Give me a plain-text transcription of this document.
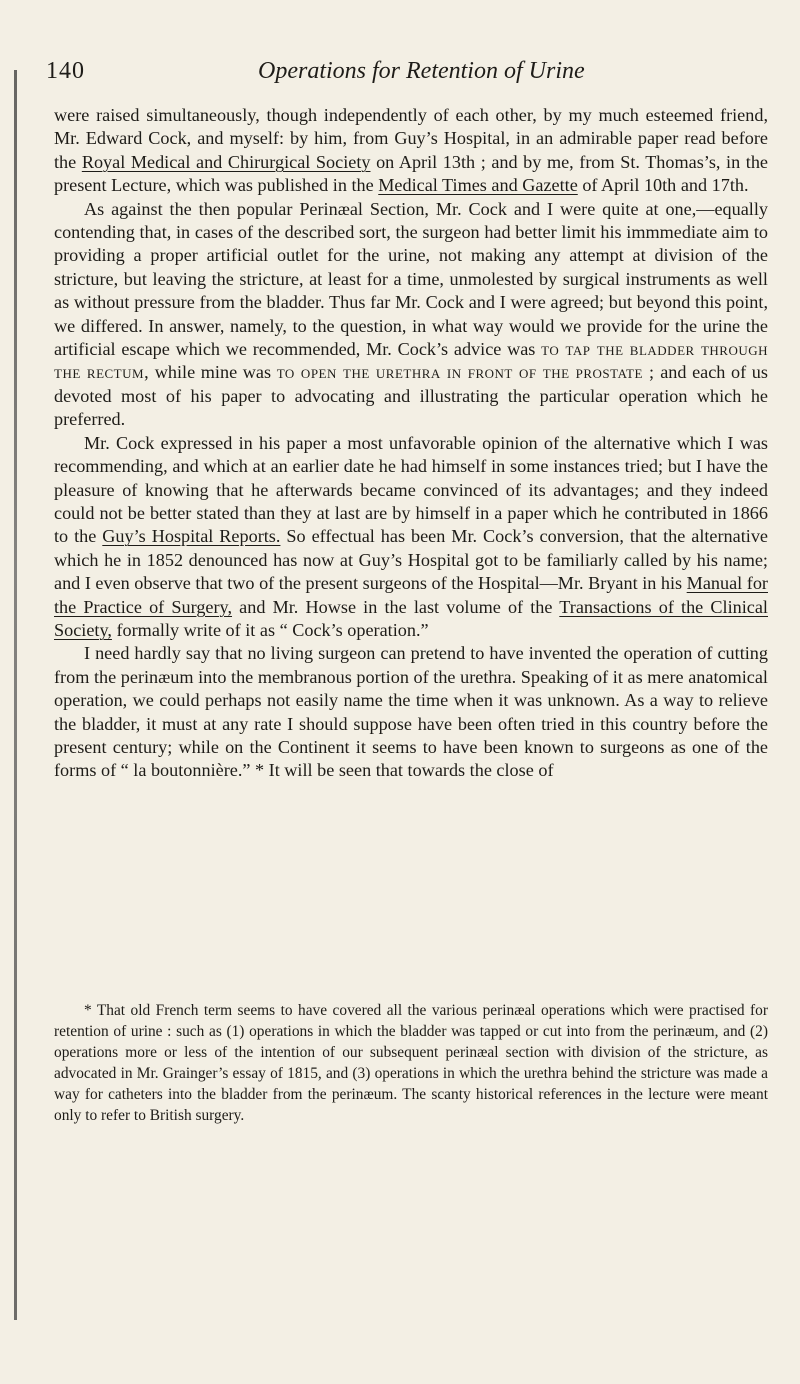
140	Operations for Retention of Urine

were raised simultaneously, though independently of each other, by my much esteemed friend, Mr. Edward Cock, and myself: by him, from Guy’s Hospital, in an admirable paper read before the Royal Medical and Chirurgical Society on April 13th ; and by me, from St. Thomas’s, in the present Lecture, which was published in the Medical Times and Gazette of April 10th and 17th.

As against the then popular Perinæal Section, Mr. Cock and I were quite at one,—equally contending that, in cases of the described sort, the surgeon had better limit his immmediate aim to providing a proper artificial outlet for the urine, not making any attempt at division of the stricture, but leaving the stricture, at least for a time, unmolested by surgical instruments as well as without pressure from the bladder. Thus far Mr. Cock and I were agreed; but beyond this point, we differed. In answer, namely, to the question, in what way would we provide for the urine the artificial escape which we recommended, Mr. Cock’s advice was to tap the bladder through the rectum, while mine was to open the urethra in front of the prostate ; and each of us devoted most of his paper to advocating and illustrating the particular operation which he preferred.

Mr. Cock expressed in his paper a most unfavorable opinion of the alternative which I was recommending, and which at an earlier date he had himself in some instances tried; but I have the pleasure of knowing that he afterwards became convinced of its advantages; and they indeed could not be better stated than they at last are by himself in a paper which he contributed in 1866 to the Guy’s Hospital Reports. So effectual has been Mr. Cock’s conversion, that the alternative which he in 1852 denounced has now at Guy’s Hospital got to be familiarly called by his name; and I even observe that two of the present surgeons of the Hospital—Mr. Bryant in his Manual for the Practice of Surgery, and Mr. Howse in the last volume of the Transactions of the Clinical Society, formally write of it as “ Cock’s operation.”

I need hardly say that no living surgeon can pretend to have invented the operation of cutting from the perinæum into the membranous portion of the urethra. Speaking of it as mere anatomical operation, we could perhaps not easily name the time when it was unknown. As a way to relieve the bladder, it must at any rate I should suppose have been often tried in this country before the present century; while on the Continent it seems to have been known to surgeons as one of the forms of “ la boutonnière.” * It will be seen that towards the close of

* That old French term seems to have covered all the various perinæal operations which were practised for retention of urine : such as (1) operations in which the bladder was tapped or cut into from the perinæum, and (2) operations more or less of the intention of our subsequent perinæal section with division of the stricture, as advocated in Mr. Grainger’s essay of 1815, and (3) operations in which the urethra behind the stricture was made a way for catheters into the bladder from the perinæum. The scanty historical references in the lecture were meant only to refer to British surgery.
